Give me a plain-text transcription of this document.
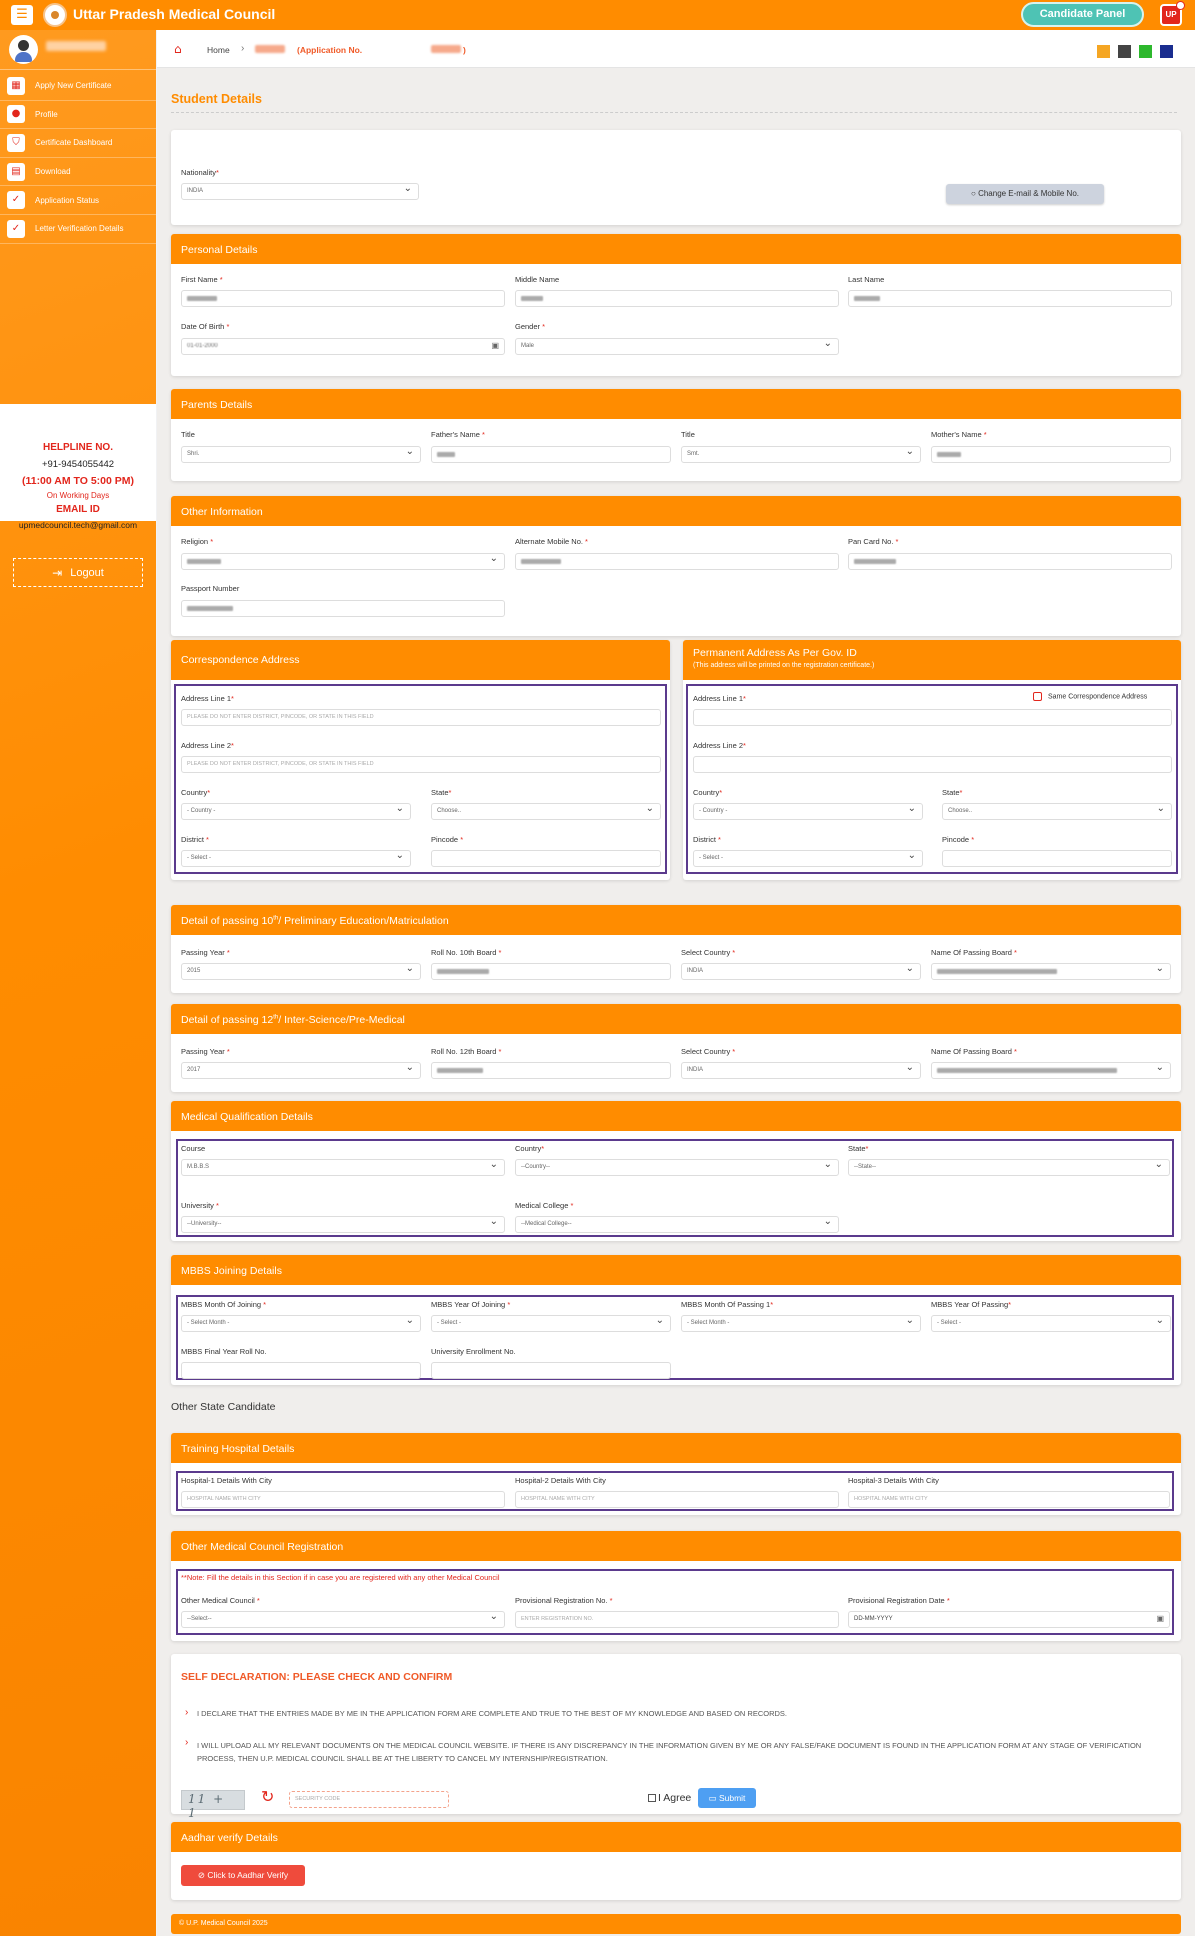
☰	Uttar Pradesh Medical Council	Candidate Panel	UP
▦	Apply New Certificate
●	Profile
⛉	Certificate Dashboard
▤	Download
✓	Application Status
✓	Letter Verification Details
HELPLINE NO.
+91-9454055442
(11:00 AM TO 5:00 PM)
On Working Days
EMAIL ID
upmedcouncil.tech@gmail.com
⇥ Logout
⌂	Home ›	(Application No.	)
Student Details
Nationality*
INDIA ⌄	○ Change E-mail & Mobile No.
Personal Details
First Name *	Middle Name	Last Name
Date Of Birth *
01-01-2000	▣
Gender *
Male ⌄
Parents Details
Title
Shri. ⌄
Father's Name *	Title
Smt. ⌄
Mother's Name *
Other Information
Religion *
⌄	Alternate Mobile No. *	Pan Card No. *
Passport Number
Correspondence Address
Address Line 1*
PLEASE DO NOT ENTER DISTRICT, PINCODE, OR STATE IN THIS FIELD
Address Line 2*
PLEASE DO NOT ENTER DISTRICT, PINCODE, OR STATE IN THIS FIELD
Country*
- Country - ⌄
State*
Choose.. ⌄
District *
- Select - ⌄
Pincode *
Permanent Address As Per Gov. ID
(This address will be printed on the registration certificate.)
Address Line 1*	Same Correspondence Address
Address Line 2*
Country*
- Country - ⌄
State*
Choose.. ⌄
District *
- Select - ⌄
Pincode *
Detail of passing 10th/ Preliminary Education/Matriculation
Passing Year *
2015 ⌄
Roll No. 10th Board *	Select Country *
INDIA ⌄
Name Of Passing Board *
⌄
Detail of passing 12th/ Inter-Science/Pre-Medical
Passing Year *
2017 ⌄
Roll No. 12th Board *	Select Country *
INDIA ⌄
Name Of Passing Board *
⌄
Medical Qualification Details
Course
M.B.B.S ⌄
Country*
--Country-- ⌄
State*
--State-- ⌄
University *
--University-- ⌄
Medical College *
--Medical College-- ⌄
MBBS Joining Details
MBBS Month Of Joining *
- Select Month - ⌄
MBBS Year Of Joining *
- Select - ⌄
MBBS Month Of Passing 1*
- Select Month - ⌄
MBBS Year Of Passing*
- Select - ⌄
MBBS Final Year Roll No.	University Enrollment No.
Other State Candidate
Training Hospital Details
Hospital-1 Details With City
HOSPITAL NAME WITH CITY
Hospital-2 Details With City
HOSPITAL NAME WITH CITY
Hospital-3 Details With City
HOSPITAL NAME WITH CITY
Other Medical Council Registration
**Note: Fill the details in this Section if in case you are registered with any other Medical Council
Other Medical Council *
--Select-- ⌄
Provisional Registration No. *
ENTER REGISTRATION NO.
Provisional Registration Date *
DD-MM-YYYY	▣
SELF DECLARATION: PLEASE CHECK AND CONFIRM
› I DECLARE THAT THE ENTRIES MADE BY ME IN THE APPLICATION FORM ARE COMPLETE AND TRUE TO THE BEST OF MY KNOWLEDGE AND BASED ON RECORDS.
› I WILL UPLOAD ALL MY RELEVANT DOCUMENTS ON THE MEDICAL COUNCIL WEBSITE. IF THERE IS ANY DISCREPANCY IN THE INFORMATION GIVEN BY ME OR ANY FALSE/FAKE DOCUMENT IS FOUND IN THE APPLICATION FORM AT ANY STAGE OF VERIFICATION PROCESS, THEN U.P. MEDICAL COUNCIL SHALL BE AT THE LIBERTY TO CANCEL MY INTERNSHIP/REGISTRATION.
11 + 1
↻	SECURITY CODE	I Agree	▭ Submit
Aadhar verify Details
⊘ Click to Aadhar Verify
© U.P. Medical Council 2025
